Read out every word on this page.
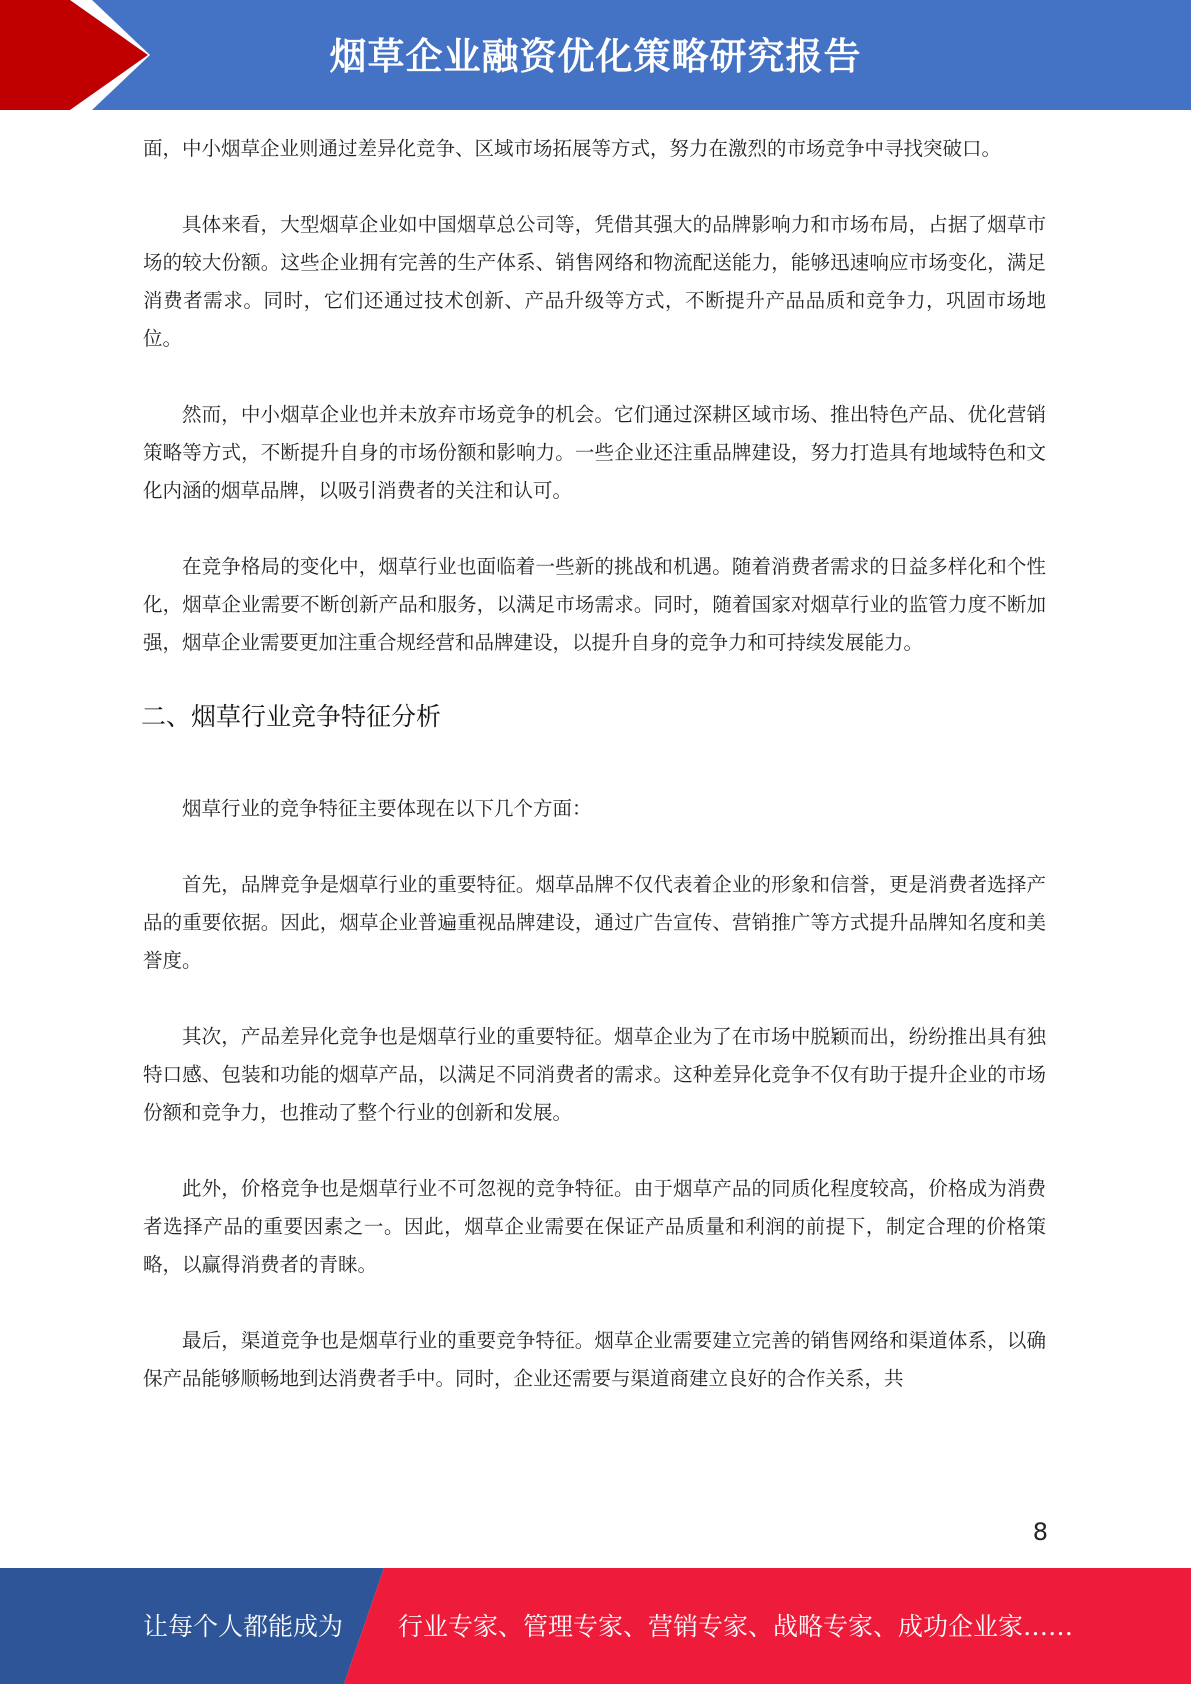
烟草企业融资优化策略研究报告

面，中小烟草企业则通过差异化竞争、区域市场拓展等方式，努力在激烈的市场竞争中寻找突破口。

具体来看，大型烟草企业如中国烟草总公司等，凭借其强大的品牌影响力和市场布局，占据了烟草市场的较大份额。这些企业拥有完善的生产体系、销售网络和物流配送能力，能够迅速响应市场变化，满足消费者需求。同时，它们还通过技术创新、产品升级等方式，不断提升产品品质和竞争力，巩固市场地位。

然而，中小烟草企业也并未放弃市场竞争的机会。它们通过深耕区域市场、推出特色产品、优化营销策略等方式，不断提升自身的市场份额和影响力。一些企业还注重品牌建设，努力打造具有地域特色和文化内涵的烟草品牌，以吸引消费者的关注和认可。

在竞争格局的变化中，烟草行业也面临着一些新的挑战和机遇。随着消费者需求的日益多样化和个性化，烟草企业需要不断创新产品和服务，以满足市场需求。同时，随着国家对烟草行业的监管力度不断加强，烟草企业需要更加注重合规经营和品牌建设，以提升自身的竞争力和可持续发展能力。

二、烟草行业竞争特征分析

烟草行业的竞争特征主要体现在以下几个方面：

首先，品牌竞争是烟草行业的重要特征。烟草品牌不仅代表着企业的形象和信誉，更是消费者选择产品的重要依据。因此，烟草企业普遍重视品牌建设，通过广告宣传、营销推广等方式提升品牌知名度和美誉度。

其次，产品差异化竞争也是烟草行业的重要特征。烟草企业为了在市场中脱颖而出，纷纷推出具有独特口感、包装和功能的烟草产品，以满足不同消费者的需求。这种差异化竞争不仅有助于提升企业的市场份额和竞争力，也推动了整个行业的创新和发展。

此外，价格竞争也是烟草行业不可忽视的竞争特征。由于烟草产品的同质化程度较高，价格成为消费者选择产品的重要因素之一。因此，烟草企业需要在保证产品质量和利润的前提下，制定合理的价格策略，以赢得消费者的青睐。

最后，渠道竞争也是烟草行业的重要竞争特征。烟草企业需要建立完善的销售网络和渠道体系，以确保产品能够顺畅地到达消费者手中。同时，企业还需要与渠道商建立良好的合作关系，共

8
让每个人都能成为 行业专家、管理专家、营销专家、战略专家、成功企业家……
